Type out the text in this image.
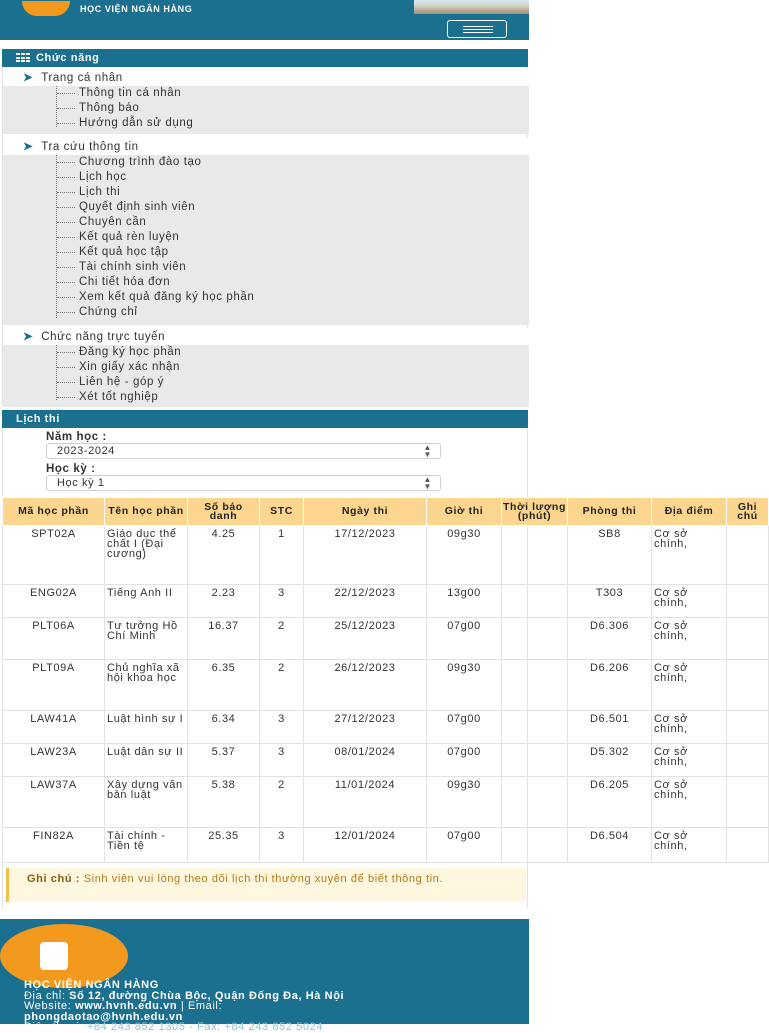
HỌC VIỆN NGÂN HÀNG
Chức năng
➤ Trang cá nhân
Thông tin cá nhân
Thông báo
Hướng dẫn sử dụng
➤ Tra cứu thông tin
Chương trình đào tạo
Lịch học
Lịch thi
Quyết định sinh viên
Chuyên cần
Kết quả rèn luyện
Kết quả học tập
Tài chính sinh viên
Chi tiết hóa đơn
Xem kết quả đăng ký học phần
Chứng chỉ
➤ Chức năng trực tuyến
Đăng ký học phần
Xin giấy xác nhận
Liên hệ - góp ý
Xét tốt nghiệp
Lịch thi
Năm học :
2023-2024	▲
▼
Học kỳ :
Học kỳ 1	▲
▼
Mã học phần	Tên học phần	Số báo danh	STC	Ngày thi	Giờ thi	Thời lượng (phút)	Phòng thi	Địa điểm	Ghi chú
SPT02A	Giáo dục thể chất I (Đại cương)	4.25	1	17/12/2023	09g30		SB8	Cơ sở chính,	
ENG02A	Tiếng Anh II	2.23	3	22/12/2023	13g00		T303	Cơ sở chính,	
PLT06A	Tư tưởng Hồ Chí Minh	16.37	2	25/12/2023	07g00		D6.306	Cơ sở chính,	
PLT09A	Chủ nghĩa xã hội khoa học	6.35	2	26/12/2023	09g30		D6.206	Cơ sở chính,	
LAW41A	Luật hình sự I	6.34	3	27/12/2023	07g00		D6.501	Cơ sở chính,	
LAW23A	Luật dân sự II	5.37	3	08/01/2024	07g00		D5.302	Cơ sở chính,	
LAW37A	Xây dựng văn bản luật	5.38	2	11/01/2024	09g30		D6.205	Cơ sở chính,	
FIN82A	Tài chính - Tiền tệ	25.35	3	12/01/2024	07g00		D6.504	Cơ sở chính,	
Ghi chú : Sinh viên vui lòng theo dõi lịch thi thường xuyên để biết thông tin.
HỌC VIỆN NGÂN HÀNG
Địa chỉ: Số 12, đường Chùa Bộc, Quận Đống Đa, Hà Nội
Website: www.hvnh.edu.vn | Email:
phongdaotao@hvnh.edu.vn
Điện thoại: +84 243 852 1305 - Fax: +84 243 852 5024
